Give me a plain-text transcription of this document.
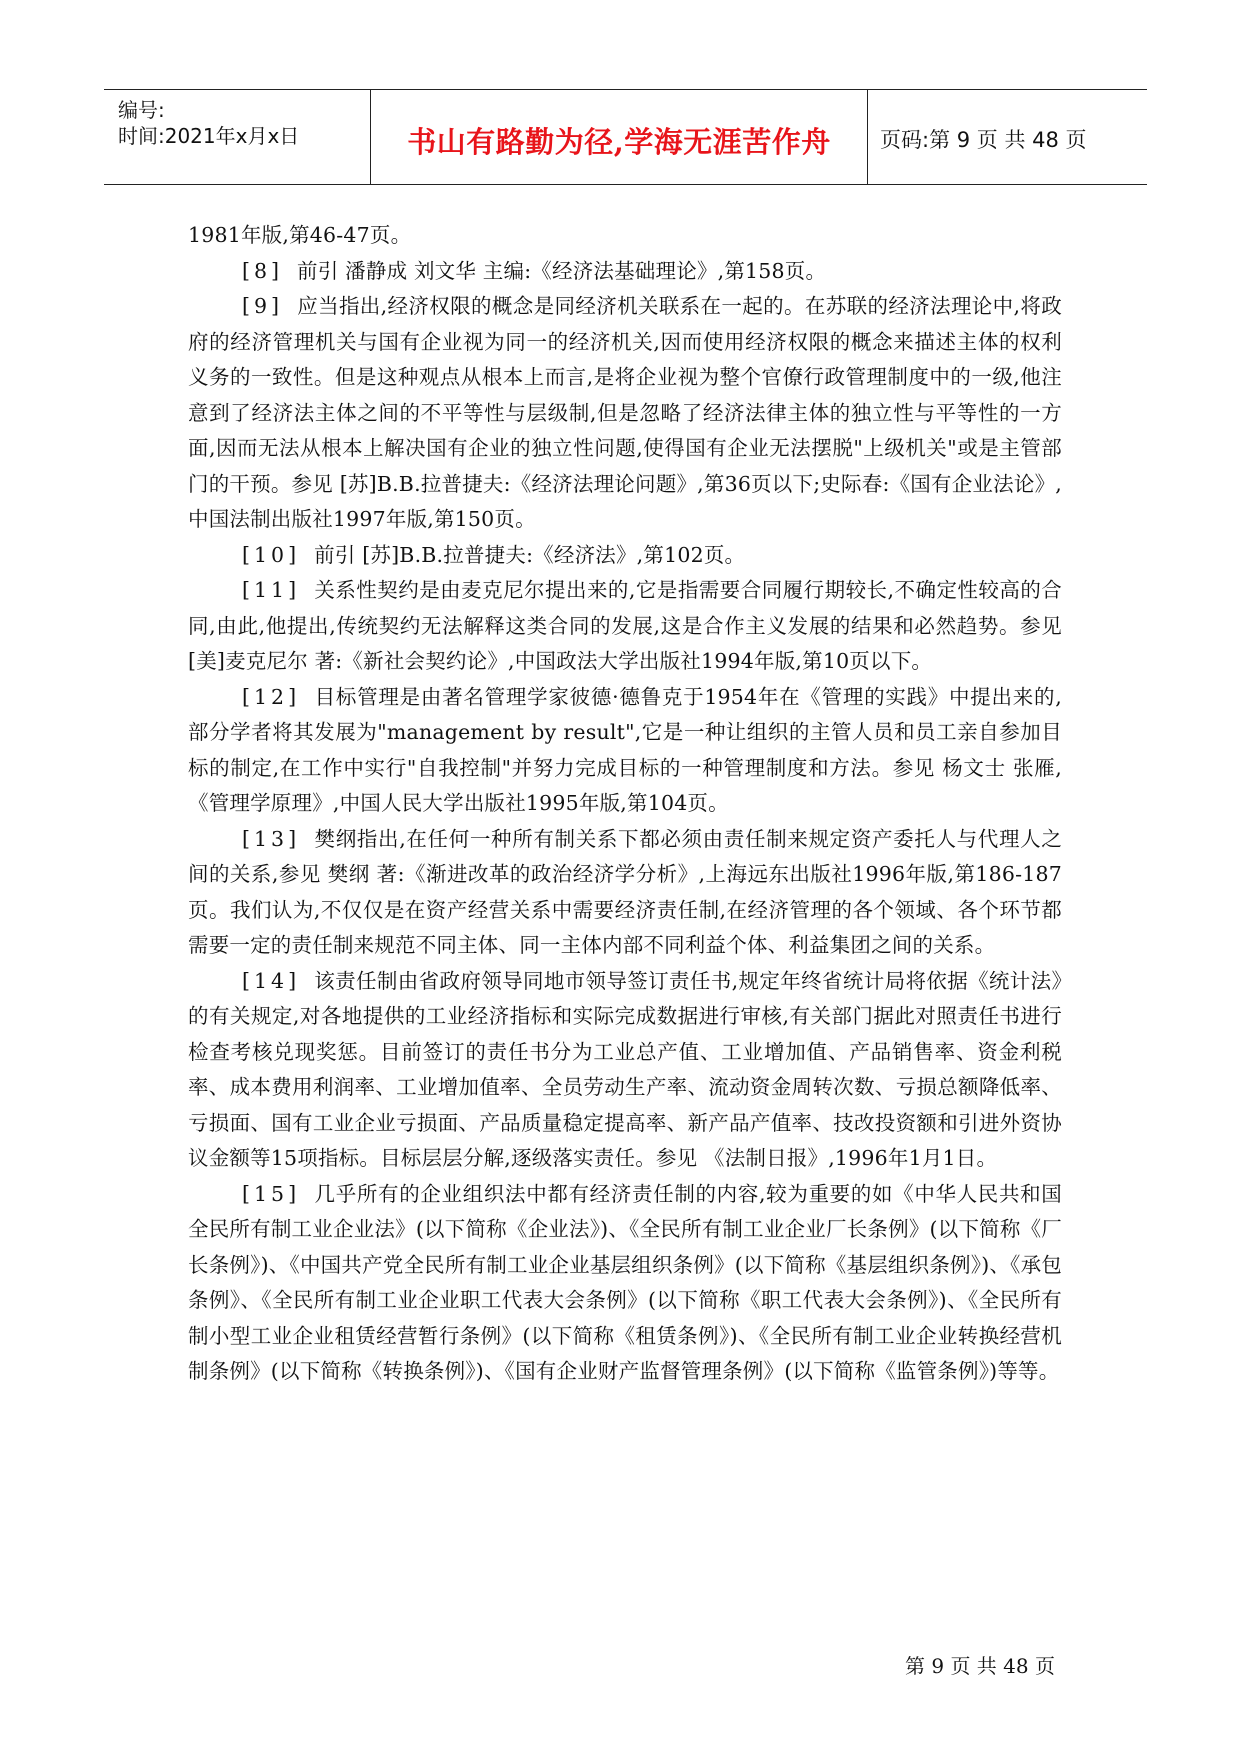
编号:
时间:2021年x月x日	书山有路勤为径,学海无涯苦作舟	页码:第 9 页 共 48 页

1981年版,第46-47页。

[8] 前引 潘静成 刘文华 主编:《经济法基础理论》,第158页。

[9] 应当指出,经济权限的概念是同经济机关联系在一起的。在苏联的经济法理论中,将政府的经济管理机关与国有企业视为同一的经济机关,因而使用经济权限的概念来描述主体的权利义务的一致性。但是这种观点从根本上而言,是将企业视为整个官僚行政管理制度中的一级,他注意到了经济法主体之间的不平等性与层级制,但是忽略了经济法律主体的独立性与平等性的一方面,因而无法从根本上解决国有企业的独立性问题,使得国有企业无法摆脱"上级机关"或是主管部门的干预。参见 [苏]B.B.拉普捷夫:《经济法理论问题》,第36页以下;史际春:《国有企业法论》,中国法制出版社1997年版,第150页。

[10] 前引 [苏]B.B.拉普捷夫:《经济法》,第102页。

[11] 关系性契约是由麦克尼尔提出来的,它是指需要合同履行期较长,不确定性较高的合同,由此,他提出,传统契约无法解释这类合同的发展,这是合作主义发展的结果和必然趋势。参见 [美]麦克尼尔 著:《新社会契约论》,中国政法大学出版社1994年版,第10页以下。

[12] 目标管理是由著名管理学家彼德·德鲁克于1954年在《管理的实践》中提出来的,部分学者将其发展为"management by result",它是一种让组织的主管人员和员工亲自参加目标的制定,在工作中实行"自我控制"并努力完成目标的一种管理制度和方法。参见 杨文士 张雁,《管理学原理》,中国人民大学出版社1995年版,第104页。

[13] 樊纲指出,在任何一种所有制关系下都必须由责任制来规定资产委托人与代理人之间的关系,参见 樊纲 著:《渐进改革的政治经济学分析》,上海远东出版社1996年版,第186-187页。我们认为,不仅仅是在资产经营关系中需要经济责任制,在经济管理的各个领域、各个环节都需要一定的责任制来规范不同主体、同一主体内部不同利益个体、利益集团之间的关系。

[14] 该责任制由省政府领导同地市领导签订责任书,规定年终省统计局将依据《统计法》的有关规定,对各地提供的工业经济指标和实际完成数据进行审核,有关部门据此对照责任书进行检查考核兑现奖惩。目前签订的责任书分为工业总产值、工业增加值、产品销售率、资金利税率、成本费用利润率、工业增加值率、全员劳动生产率、流动资金周转次数、亏损总额降低率、亏损面、国有工业企业亏损面、产品质量稳定提高率、新产品产值率、技改投资额和引进外资协议金额等15项指标。目标层层分解,逐级落实责任。参见 《法制日报》,1996年1月1日。

[15] 几乎所有的企业组织法中都有经济责任制的内容,较为重要的如《中华人民共和国全民所有制工业企业法》(以下简称《企业法》)、《全民所有制工业企业厂长条例》(以下简称《厂长条例》)、《中国共产党全民所有制工业企业基层组织条例》(以下简称《基层组织条例》)、《承包条例》、《全民所有制工业企业职工代表大会条例》(以下简称《职工代表大会条例》)、《全民所有制小型工业企业租赁经营暂行条例》(以下简称《租赁条例》)、《全民所有制工业企业转换经营机制条例》(以下简称《转换条例》)、《国有企业财产监督管理条例》(以下简称《监管条例》)等等。

第 9 页 共 48 页
